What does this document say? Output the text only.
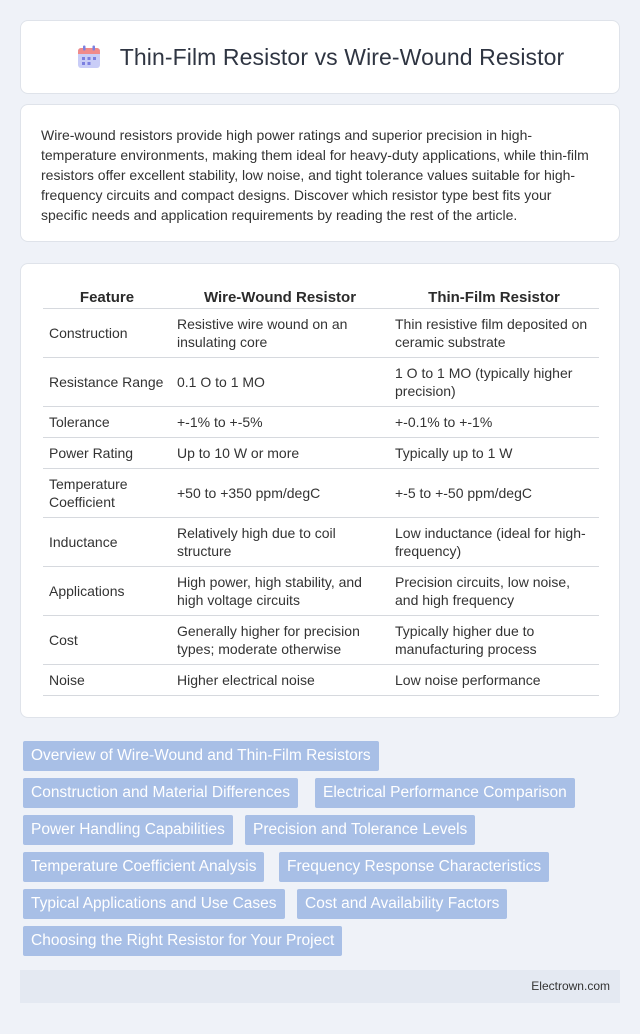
Thin-Film Resistor vs Wire-Wound Resistor

Wire-wound resistors provide high power ratings and superior precision in high-temperature environments, making them ideal for heavy-duty applications, while thin-film resistors offer excellent stability, low noise, and tight tolerance values suitable for high-frequency circuits and compact designs. Discover which resistor type best fits your specific needs and application requirements by reading the rest of the article.

Feature	Wire-Wound Resistor	Thin-Film Resistor
Construction	Resistive wire wound on an insulating core	Thin resistive film deposited on ceramic substrate
Resistance Range	0.1 O to 1 MO	1 O to 1 MO (typically higher precision)
Tolerance	+-1% to +-5%	+-0.1% to +-1%
Power Rating	Up to 10 W or more	Typically up to 1 W
Temperature Coefficient	+50 to +350 ppm/degC	+-5 to +-50 ppm/degC
Inductance	Relatively high due to coil structure	Low inductance (ideal for high-frequency)
Applications	High power, high stability, and high voltage circuits	Precision circuits, low noise, and high frequency
Cost	Generally higher for precision types; moderate otherwise	Typically higher due to manufacturing process
Noise	Higher electrical noise	Low noise performance
Overview of Wire-Wound and Thin-Film Resistors
Construction and Material Differences	Electrical Performance Comparison
Power Handling Capabilities	Precision and Tolerance Levels
Temperature Coefficient Analysis	Frequency Response Characteristics
Typical Applications and Use Cases	Cost and Availability Factors
Choosing the Right Resistor for Your Project
Electrown.com
